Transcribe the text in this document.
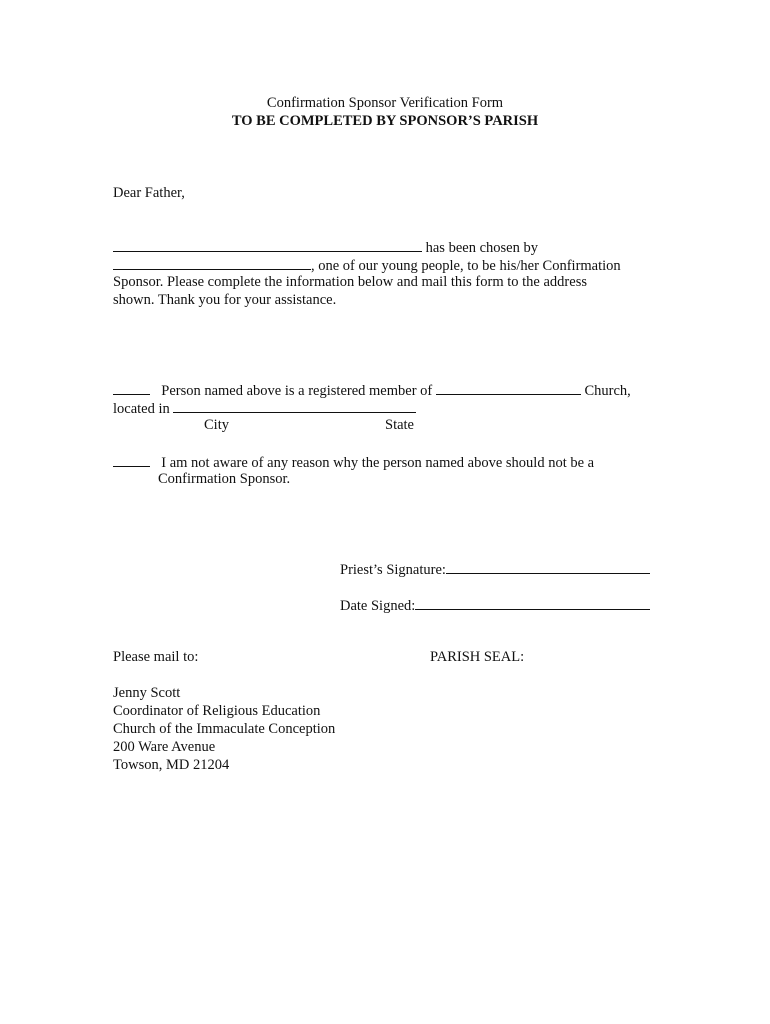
Confirmation Sponsor Verification Form
TO BE COMPLETED BY SPONSOR’S PARISH
Dear Father,
has been chosen by
, one of our young people, to be his/her Confirmation
Sponsor. Please complete the information below and mail this form to the address
shown. Thank you for your assistance.
Person named above is a registered member of	Church,
located in
City	State
I am not aware of any reason why the person named above should not be a
Confirmation Sponsor.
Priest’s Signature:
Date Signed:
Please mail to:	PARISH SEAL:
Jenny Scott
Coordinator of Religious Education
Church of the Immaculate Conception
200 Ware Avenue
Towson, MD 21204
